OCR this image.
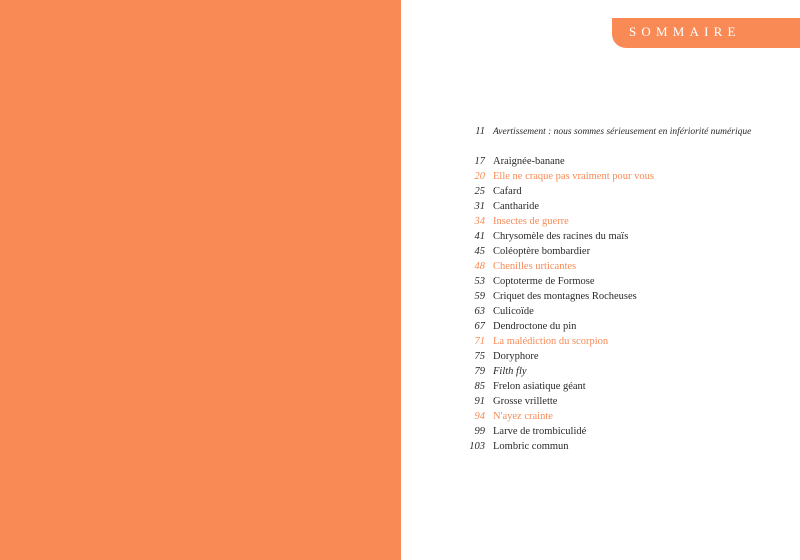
SOMMAIRE
11 Avertissement : nous sommes sérieusement en infériorité numérique
17 Araignée-banane
20 Elle ne craque pas vraiment pour vous
25 Cafard
31 Cantharide
34 Insectes de guerre
41 Chrysomèle des racines du maïs
45 Coléoptère bombardier
48 Chenilles urticantes
53 Coptoterme de Formose
59 Criquet des montagnes Rocheuses
63 Culicoïde
67 Dendroctone du pin
71 La malédiction du scorpion
75 Doryphore
79 Filth fly
85 Frelon asiatique géant
91 Grosse vrillette
94 N'ayez crainte
99 Larve de trombiculidé
103 Lombric commun
